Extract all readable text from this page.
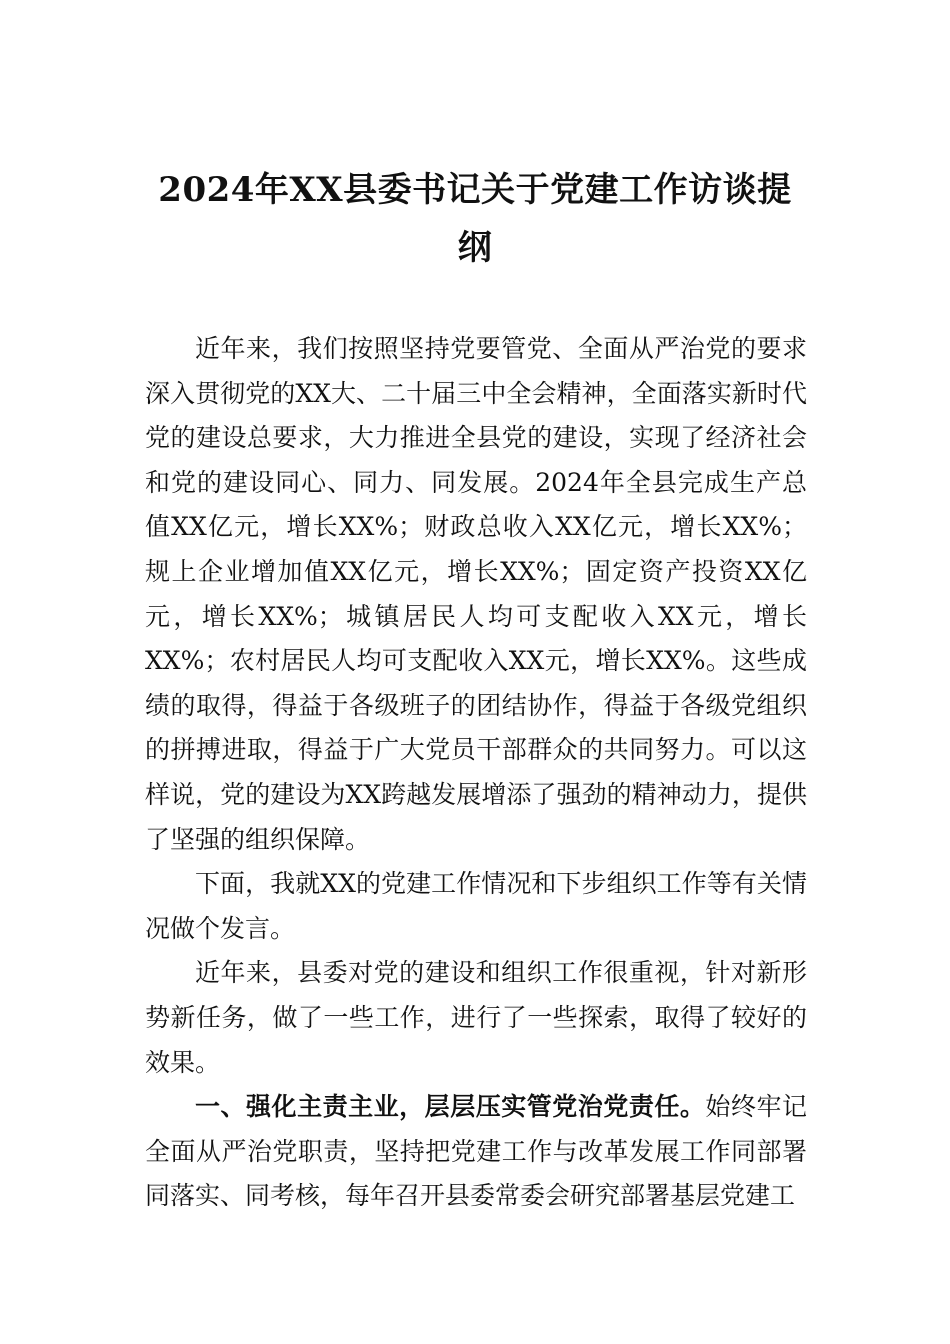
2024年XX县委书记关于党建工作访谈提纲

近年来，我们按照坚持党要管党、全面从严治党的要求深入贯彻党的XX大、二十届三中全会精神，全面落实新时代党的建设总要求，大力推进全县党的建设，实现了经济社会和党的建设同心、同力、同发展。2024年全县完成生产总值XX亿元，增长XX%；财政总收入XX亿元，增长XX%；规上企业增加值XX亿元，增长XX%；固定资产投资XX亿元，增长XX%；城镇居民人均可支配收入XX元，增长XX%；农村居民人均可支配收入XX元，增长XX%。这些成绩的取得，得益于各级班子的团结协作，得益于各级党组织的拼搏进取，得益于广大党员干部群众的共同努力。可以这样说，党的建设为XX跨越发展增添了强劲的精神动力，提供了坚强的组织保障。

下面，我就XX的党建工作情况和下步组织工作等有关情况做个发言。

近年来，县委对党的建设和组织工作很重视，针对新形势新任务，做了一些工作，进行了一些探索，取得了较好的效果。

一、强化主责主业，层层压实管党治党责任。始终牢记全面从严治党职责，坚持把党建工作与改革发展工作同部署同落实、同考核，每年召开县委常委会研究部署基层党建工
